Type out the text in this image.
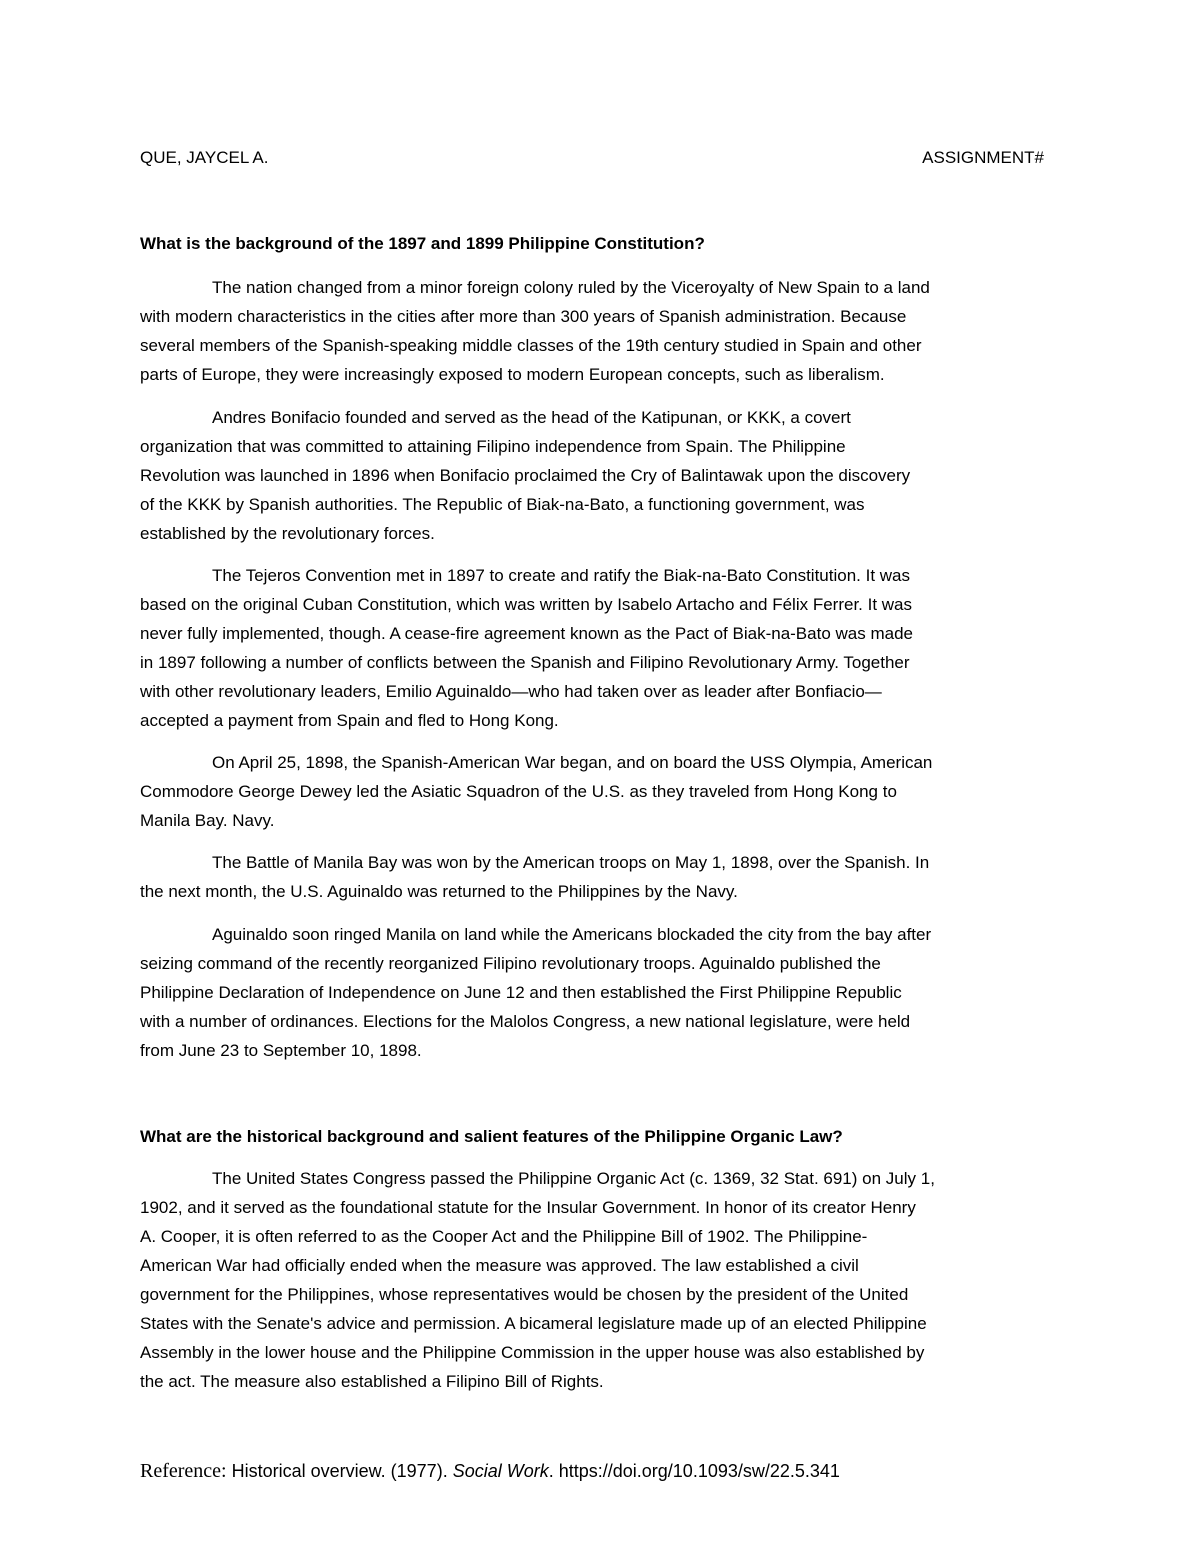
QUE, JAYCEL A.	ASSIGNMENT#
What is the background of the 1897 and 1899 Philippine Constitution?
The nation changed from a minor foreign colony ruled by the Viceroyalty of New Spain to a land
with modern characteristics in the cities after more than 300 years of Spanish administration. Because
several members of the Spanish-speaking middle classes of the 19th century studied in Spain and other
parts of Europe, they were increasingly exposed to modern European concepts, such as liberalism.
Andres Bonifacio founded and served as the head of the Katipunan, or KKK, a covert
organization that was committed to attaining Filipino independence from Spain. The Philippine
Revolution was launched in 1896 when Bonifacio proclaimed the Cry of Balintawak upon the discovery
of the KKK by Spanish authorities. The Republic of Biak-na-Bato, a functioning government, was
established by the revolutionary forces.
The Tejeros Convention met in 1897 to create and ratify the Biak-na-Bato Constitution. It was
based on the original Cuban Constitution, which was written by Isabelo Artacho and Félix Ferrer. It was
never fully implemented, though. A cease-fire agreement known as the Pact of Biak-na-Bato was made
in 1897 following a number of conflicts between the Spanish and Filipino Revolutionary Army. Together
with other revolutionary leaders, Emilio Aguinaldo—who had taken over as leader after Bonfiacio—
accepted a payment from Spain and fled to Hong Kong.
On April 25, 1898, the Spanish-American War began, and on board the USS Olympia, American
Commodore George Dewey led the Asiatic Squadron of the U.S. as they traveled from Hong Kong to
Manila Bay. Navy.
The Battle of Manila Bay was won by the American troops on May 1, 1898, over the Spanish. In
the next month, the U.S. Aguinaldo was returned to the Philippines by the Navy.
Aguinaldo soon ringed Manila on land while the Americans blockaded the city from the bay after
seizing command of the recently reorganized Filipino revolutionary troops. Aguinaldo published the
Philippine Declaration of Independence on June 12 and then established the First Philippine Republic
with a number of ordinances. Elections for the Malolos Congress, a new national legislature, were held
from June 23 to September 10, 1898.
What are the historical background and salient features of the Philippine Organic Law?
The United States Congress passed the Philippine Organic Act (c. 1369, 32 Stat. 691) on July 1,
1902, and it served as the foundational statute for the Insular Government. In honor of its creator Henry
A. Cooper, it is often referred to as the Cooper Act and the Philippine Bill of 1902. The Philippine-
American War had officially ended when the measure was approved. The law established a civil
government for the Philippines, whose representatives would be chosen by the president of the United
States with the Senate's advice and permission. A bicameral legislature made up of an elected Philippine
Assembly in the lower house and the Philippine Commission in the upper house was also established by
the act. The measure also established a Filipino Bill of Rights.
Reference: Historical overview. (1977). Social Work. https://doi.org/10.1093/sw/22.5.341
